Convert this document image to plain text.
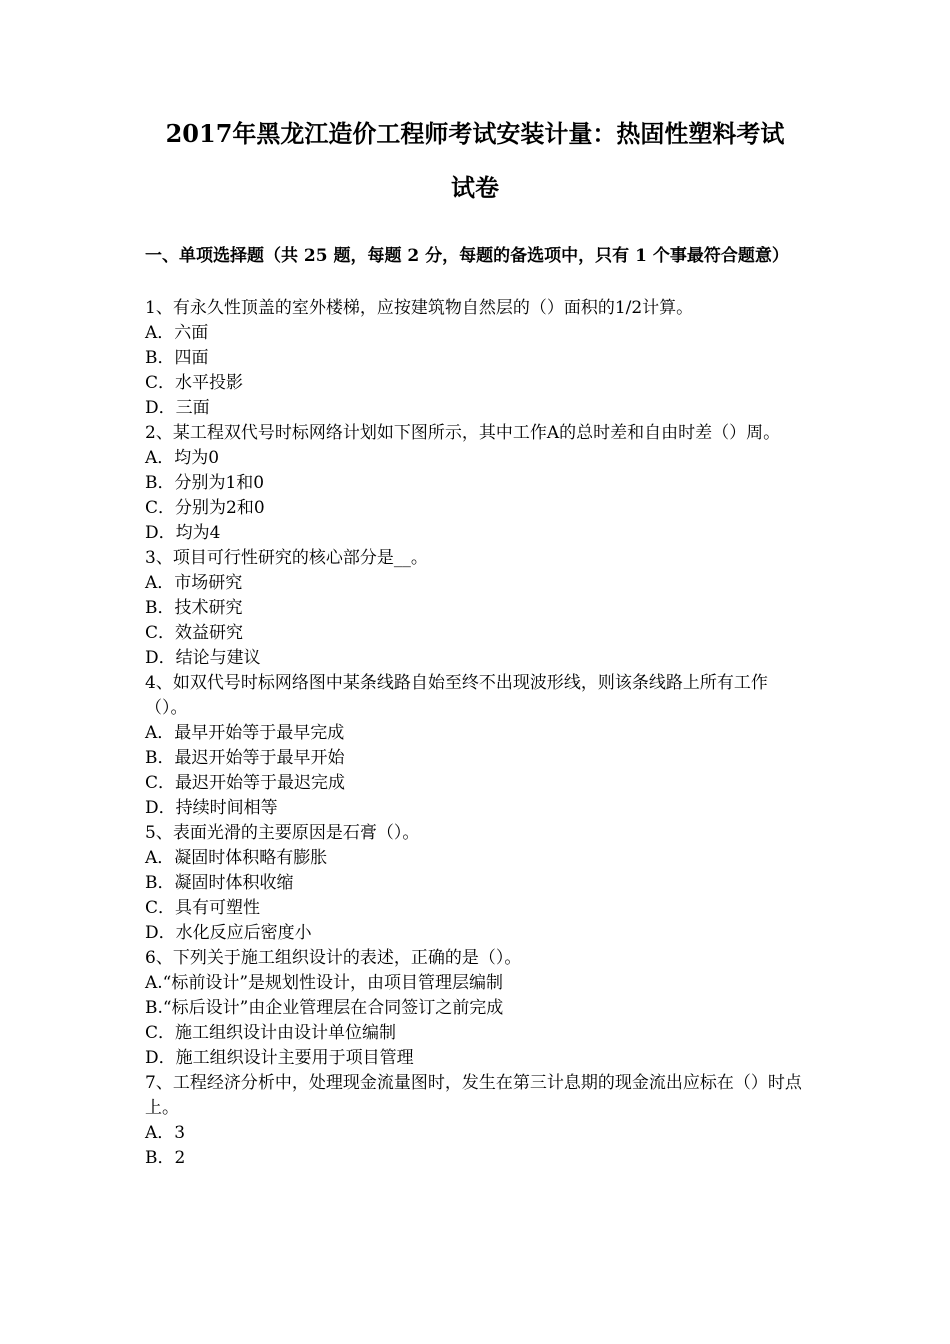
2017年黑龙江造价工程师考试安装计量：热固性塑料考试
试卷
一、单项选择题（共 25 题，每题 2 分，每题的备选项中，只有 1 个事最符合题意）
1、有永久性顶盖的室外楼梯，应按建筑物自然层的（）面积的1/2计算。
A．六面
B．四面
C．水平投影
D．三面
2、某工程双代号时标网络计划如下图所示，其中工作A的总时差和自由时差（）周。
A．均为0
B．分别为1和0
C．分别为2和0
D．均为4
3、项目可行性研究的核心部分是__。
A．市场研究
B．技术研究
C．效益研究
D．结论与建议
4、如双代号时标网络图中某条线路自始至终不出现波形线，则该条线路上所有工作（）。
A．最早开始等于最早完成
B．最迟开始等于最早开始
C．最迟开始等于最迟完成
D．持续时间相等
5、表面光滑的主要原因是石膏（）。
A．凝固时体积略有膨胀
B．凝固时体积收缩
C．具有可塑性
D．水化反应后密度小
6、下列关于施工组织设计的表述，正确的是（）。
A.“标前设计”是规划性设计，由项目管理层编制
B.“标后设计”由企业管理层在合同签订之前完成
C．施工组织设计由设计单位编制
D．施工组织设计主要用于项目管理
7、工程经济分析中，处理现金流量图时，发生在第三计息期的现金流出应标在（）时点上。
A．3
B．2
